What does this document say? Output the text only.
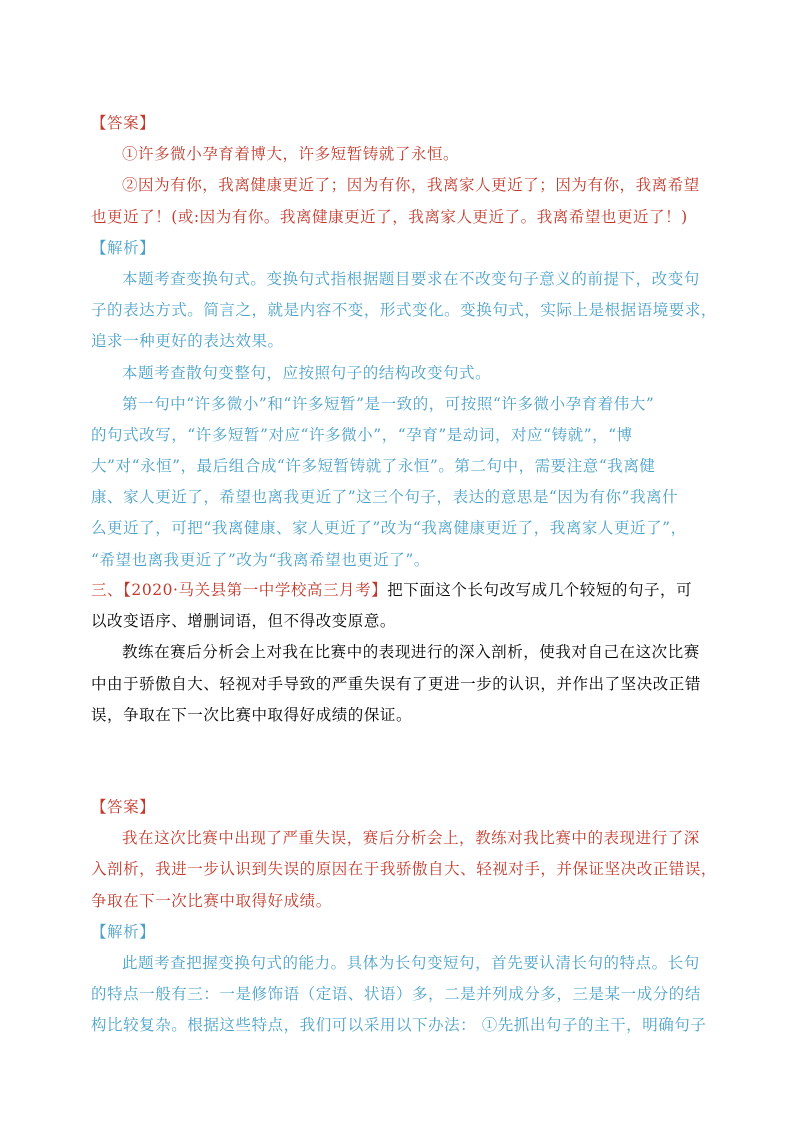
【答案】
①许多微小孕育着博大，许多短暂铸就了永恒。
②因为有你，我离健康更近了；因为有你，我离家人更近了；因为有你，我离希望
也更近了！(或:因为有你。我离健康更近了，我离家人更近了。我离希望也更近了！)
【解析】
本题考查变换句式。变换句式指根据题目要求在不改变句子意义的前提下，改变句
子的表达方式。简言之，就是内容不变，形式变化。变换句式，实际上是根据语境要求，
追求一种更好的表达效果。
本题考查散句变整句，应按照句子的结构改变句式。
第一句中“许多微小”和“许多短暂”是一致的，可按照“许多微小孕育着伟大”
的句式改写，“许多短暂”对应“许多微小”，“孕育”是动词，对应“铸就”，“博
大”对“永恒”，最后组合成“许多短暂铸就了永恒”。第二句中，需要注意“我离健
康、家人更近了，希望也离我更近了”这三个句子，表达的意思是“因为有你”我离什
么更近了，可把“我离健康、家人更近了”改为“我离健康更近了，我离家人更近了”，
“希望也离我更近了”改为“我离希望也更近了”。
三、【2020·马关县第一中学校高三月考】把下面这个长句改写成几个较短的句子，可
以改变语序、增删词语，但不得改变原意。
教练在赛后分析会上对我在比赛中的表现进行的深入剖析，使我对自己在这次比赛
中由于骄傲自大、轻视对手导致的严重失误有了更进一步的认识，并作出了坚决改正错
误，争取在下一次比赛中取得好成绩的保证。
【答案】
我在这次比赛中出现了严重失误，赛后分析会上，教练对我比赛中的表现进行了深
入剖析，我进一步认识到失误的原因在于我骄傲自大、轻视对手，并保证坚决改正错误，
争取在下一次比赛中取得好成绩。
【解析】
此题考查把握变换句式的能力。具体为长句变短句，首先要认清长句的特点。长句
的特点一般有三：一是修饰语（定语、状语）多，二是并列成分多，三是某一成分的结
构比较复杂。根据这些特点，我们可以采用以下办法： ①先抓出句子的主干，明确句子
